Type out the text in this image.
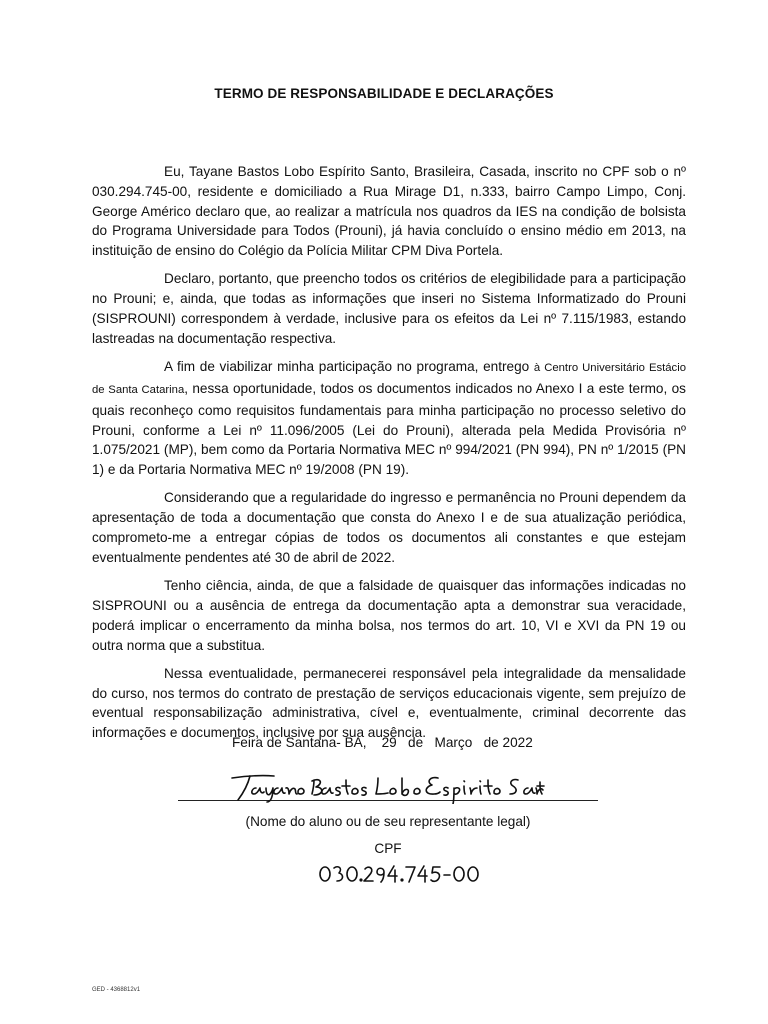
TERMO DE RESPONSABILIDADE E DECLARAÇÕES

Eu, Tayane Bastos Lobo Espírito Santo, Brasileira, Casada, inscrito no CPF sob o nº 030.294.745-00, residente e domiciliado a Rua Mirage D1, n.333, bairro Campo Limpo, Conj. George Américo declaro que, ao realizar a matrícula nos quadros da IES na condição de bolsista do Programa Universidade para Todos (Prouni), já havia concluído o ensino médio em 2013, na instituição de ensino do Colégio da Polícia Militar CPM Diva Portela.

Declaro, portanto, que preencho todos os critérios de elegibilidade para a participação no Prouni; e, ainda, que todas as informações que inseri no Sistema Informatizado do Prouni (SISPROUNI) correspondem à verdade, inclusive para os efeitos da Lei nº 7.115/1983, estando lastreadas na documentação respectiva.

A fim de viabilizar minha participação no programa, entrego à Centro Universitário Estácio de Santa Catarina, nessa oportunidade, todos os documentos indicados no Anexo I a este termo, os quais reconheço como requisitos fundamentais para minha participação no processo seletivo do Prouni, conforme a Lei nº 11.096/2005 (Lei do Prouni), alterada pela Medida Provisória nº 1.075/2021 (MP), bem como da Portaria Normativa MEC nº 994/2021 (PN 994), PN nº 1/2015 (PN 1) e da Portaria Normativa MEC nº 19/2008 (PN 19).

Considerando que a regularidade do ingresso e permanência no Prouni dependem da apresentação de toda a documentação que consta do Anexo I e de sua atualização periódica, comprometo-me a entregar cópias de todos os documentos ali constantes e que estejam eventualmente pendentes até 30 de abril de 2022.

Tenho ciência, ainda, de que a falsidade de quaisquer das informações indicadas no SISPROUNI ou a ausência de entrega da documentação apta a demonstrar sua veracidade, poderá implicar o encerramento da minha bolsa, nos termos do art. 10, VI e XVI da PN 19 ou outra norma que a substitua.

Nessa eventualidade, permanecerei responsável pela integralidade da mensalidade do curso, nos termos do contrato de prestação de serviços educacionais vigente, sem prejuízo de eventual responsabilização administrativa, cível e, eventualmente, criminal decorrente das informações e documentos, inclusive por sua ausência.

Feira de Santana- BA,    29   de   Março   de 2022
(Nome do aluno ou de seu representante legal)
CPF
GED - 4368812v1
